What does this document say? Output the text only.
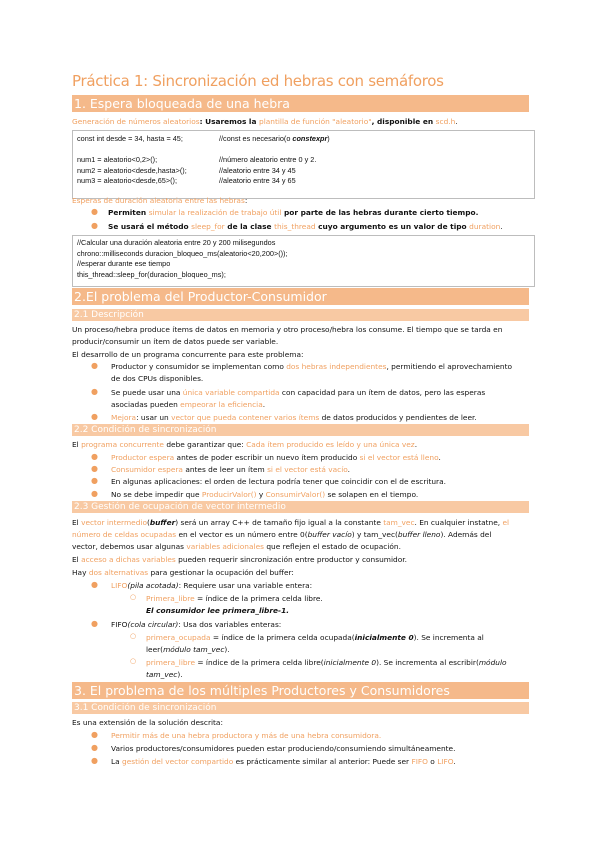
Práctica 1: Sincronización ed hebras con semáforos
1. Espera bloqueada de una hebra
Generación de números aleatorios: Usaremos la plantilla de función "aleatorio", disponible en scd.h.
const int desde = 34, hasta = 45;	//const es necesario(o constexpr)
num1 = aleatorio<0,2>();	//número aleatorio entre 0 y 2.
num2 = aleatorio<desde,hasta>();	//aleatorio entre 34 y 45
num3 = aleatorio<desde,65>();	//aleatorio entre 34 y 65
Esperas de duración aleatoria entre las hebras:
● Permiten simular la realización de trabajo útil por parte de las hebras durante cierto tiempo.
● Se usará el método sleep_for de la clase this_thread cuyo argumento es un valor de tipo duration.
//Calcular una duración aleatoria entre 20 y 200 milisegundos
chrono::milliseconds duracion_bloqueo_ms(aleatorio<20,200>());
//esperar durante ese tiempo
this_thread::sleep_for(duracion_bloqueo_ms);
2.El problema del Productor-Consumidor
2.1 Descripción
Un proceso/hebra produce ítems de datos en memoria y otro proceso/hebra los consume. El tiempo que se tarda en
producir/consumir un ítem de datos puede ser variable.
El desarrollo de un programa concurrente para este problema:
● Productor y consumidor se implementan como dos hebras independientes, permitiendo el aprovechamiento
de dos CPUs disponibles.
● Se puede usar una única variable compartida con capacidad para un ítem de datos, pero las esperas
asociadas pueden empeorar la eficiencia.
● Mejora: usar un vector que pueda contener varios ítems de datos producidos y pendientes de leer.
2.2 Condición de sincronización
El programa concurrente debe garantizar que: Cada ítem producido es leído y una única vez.
● Productor espera antes de poder escribir un nuevo ítem producido si el vector está lleno.
● Consumidor espera antes de leer un ítem si el vector está vacío.
● En algunas aplicaciones: el orden de lectura podría tener que coincidir con el de escritura.
● No se debe impedir que ProducirValor() y ConsumirValor() se solapen en el tiempo.
2.3 Gestión de ocupación de vector intermedio
El vector intermedio(buffer) será un array C++ de tamaño fijo igual a la constante tam_vec. En cualquier instatne, el
número de celdas ocupadas en el vector es un número entre 0(buffer vacío) y tam_vec(buffer lleno). Además del
vector, debemos usar algunas variables adicionales que reflejen el estado de ocupación.
El acceso a dichas variables pueden requerir sincronización entre productor y consumidor.
Hay dos alternativas para gestionar la ocupación del buffer:
● LIFO(pila acotada): Requiere usar una variable entera:
○ Primera_libre = índice de la primera celda libre.
El consumidor lee primera_libre-1.
● FIFO(cola circular): Usa dos variables enteras:
○ primera_ocupada = índice de la primera celda ocupada(inicialmente 0). Se incrementa al
leer(módulo tam_vec).
○ primera_libre = índice de la primera celda libre(inicialmente 0). Se incrementa al escribir(módulo
tam_vec).
3. El problema de los múltiples Productores y Consumidores
3.1 Condición de sincronización
Es una extensión de la solución descrita:
● Permitir más de una hebra productora y más de una hebra consumidora.
● Varios productores/consumidores pueden estar produciendo/consumiendo simultáneamente.
● La gestión del vector compartido es prácticamente similar al anterior: Puede ser FIFO o LIFO.
